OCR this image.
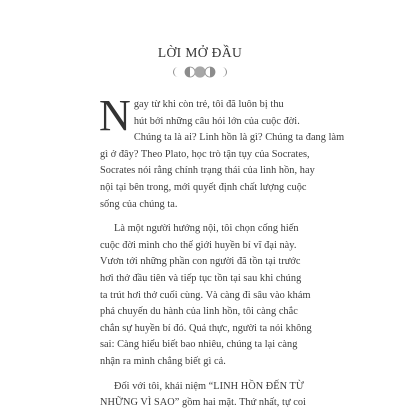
LỜI MỞ ĐẦU
N gay từ khi còn trẻ, tôi đã luôn bị thu
hút bởi những câu hỏi lớn của cuộc đời.
Chúng ta là ai? Linh hồn là gì? Chúng ta đang làm
gì ở đây? Theo Plato, học trò tận tụy của Socrates,
Socrates nói rằng chính trạng thái của linh hồn, hay
nội tại bên trong, mới quyết định chất lượng cuộc
sống của chúng ta.
Là một người hướng nội, tôi chọn cống hiến
cuộc đời mình cho thế giới huyền bí vĩ đại này.
Vươn tới những phần con người đã tồn tại trước
hơi thở đầu tiên và tiếp tục tồn tại sau khi chúng
ta trút hơi thở cuối cùng. Và càng đi sâu vào khám
phá chuyến du hành của linh hồn, tôi càng chắc
chắn sự huyền bí đó. Quả thực, người ta nói không
sai: Càng hiểu biết bao nhiêu, chúng ta lại càng
nhận ra mình chẳng biết gì cả.
Đối với tôi, khái niệm “LINH HỒN ĐẾN TỪ
NHỮNG VÌ SAO” gồm hai mặt. Thứ nhất, tự coi
